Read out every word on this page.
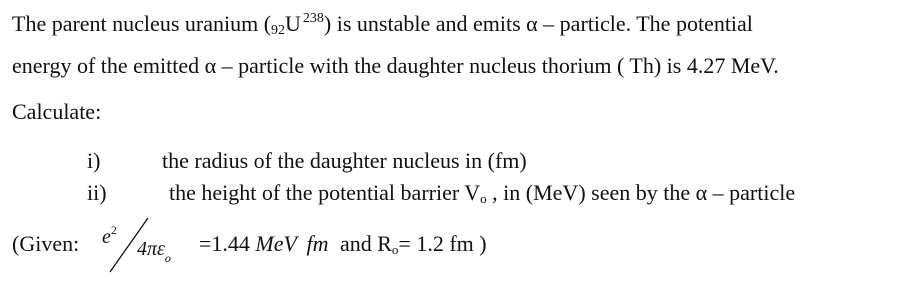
The parent nucleus uranium ($_{92}U$ $^{238}$) is unstable and emits α – particle. The potential
energy of the emitted α – particle with the daughter nucleus thorium ( Th) is 4.27 MeV.
Calculate:
i)	the radius of the daughter nucleus in (fm)
ii)	the height of the potential barrier Vo , in (MeV) seen by the α – particle
(Given: $e^2$
$4\pi\varepsilon_o$
=1.44 MeV fm and Ro= 1.2 fm )
